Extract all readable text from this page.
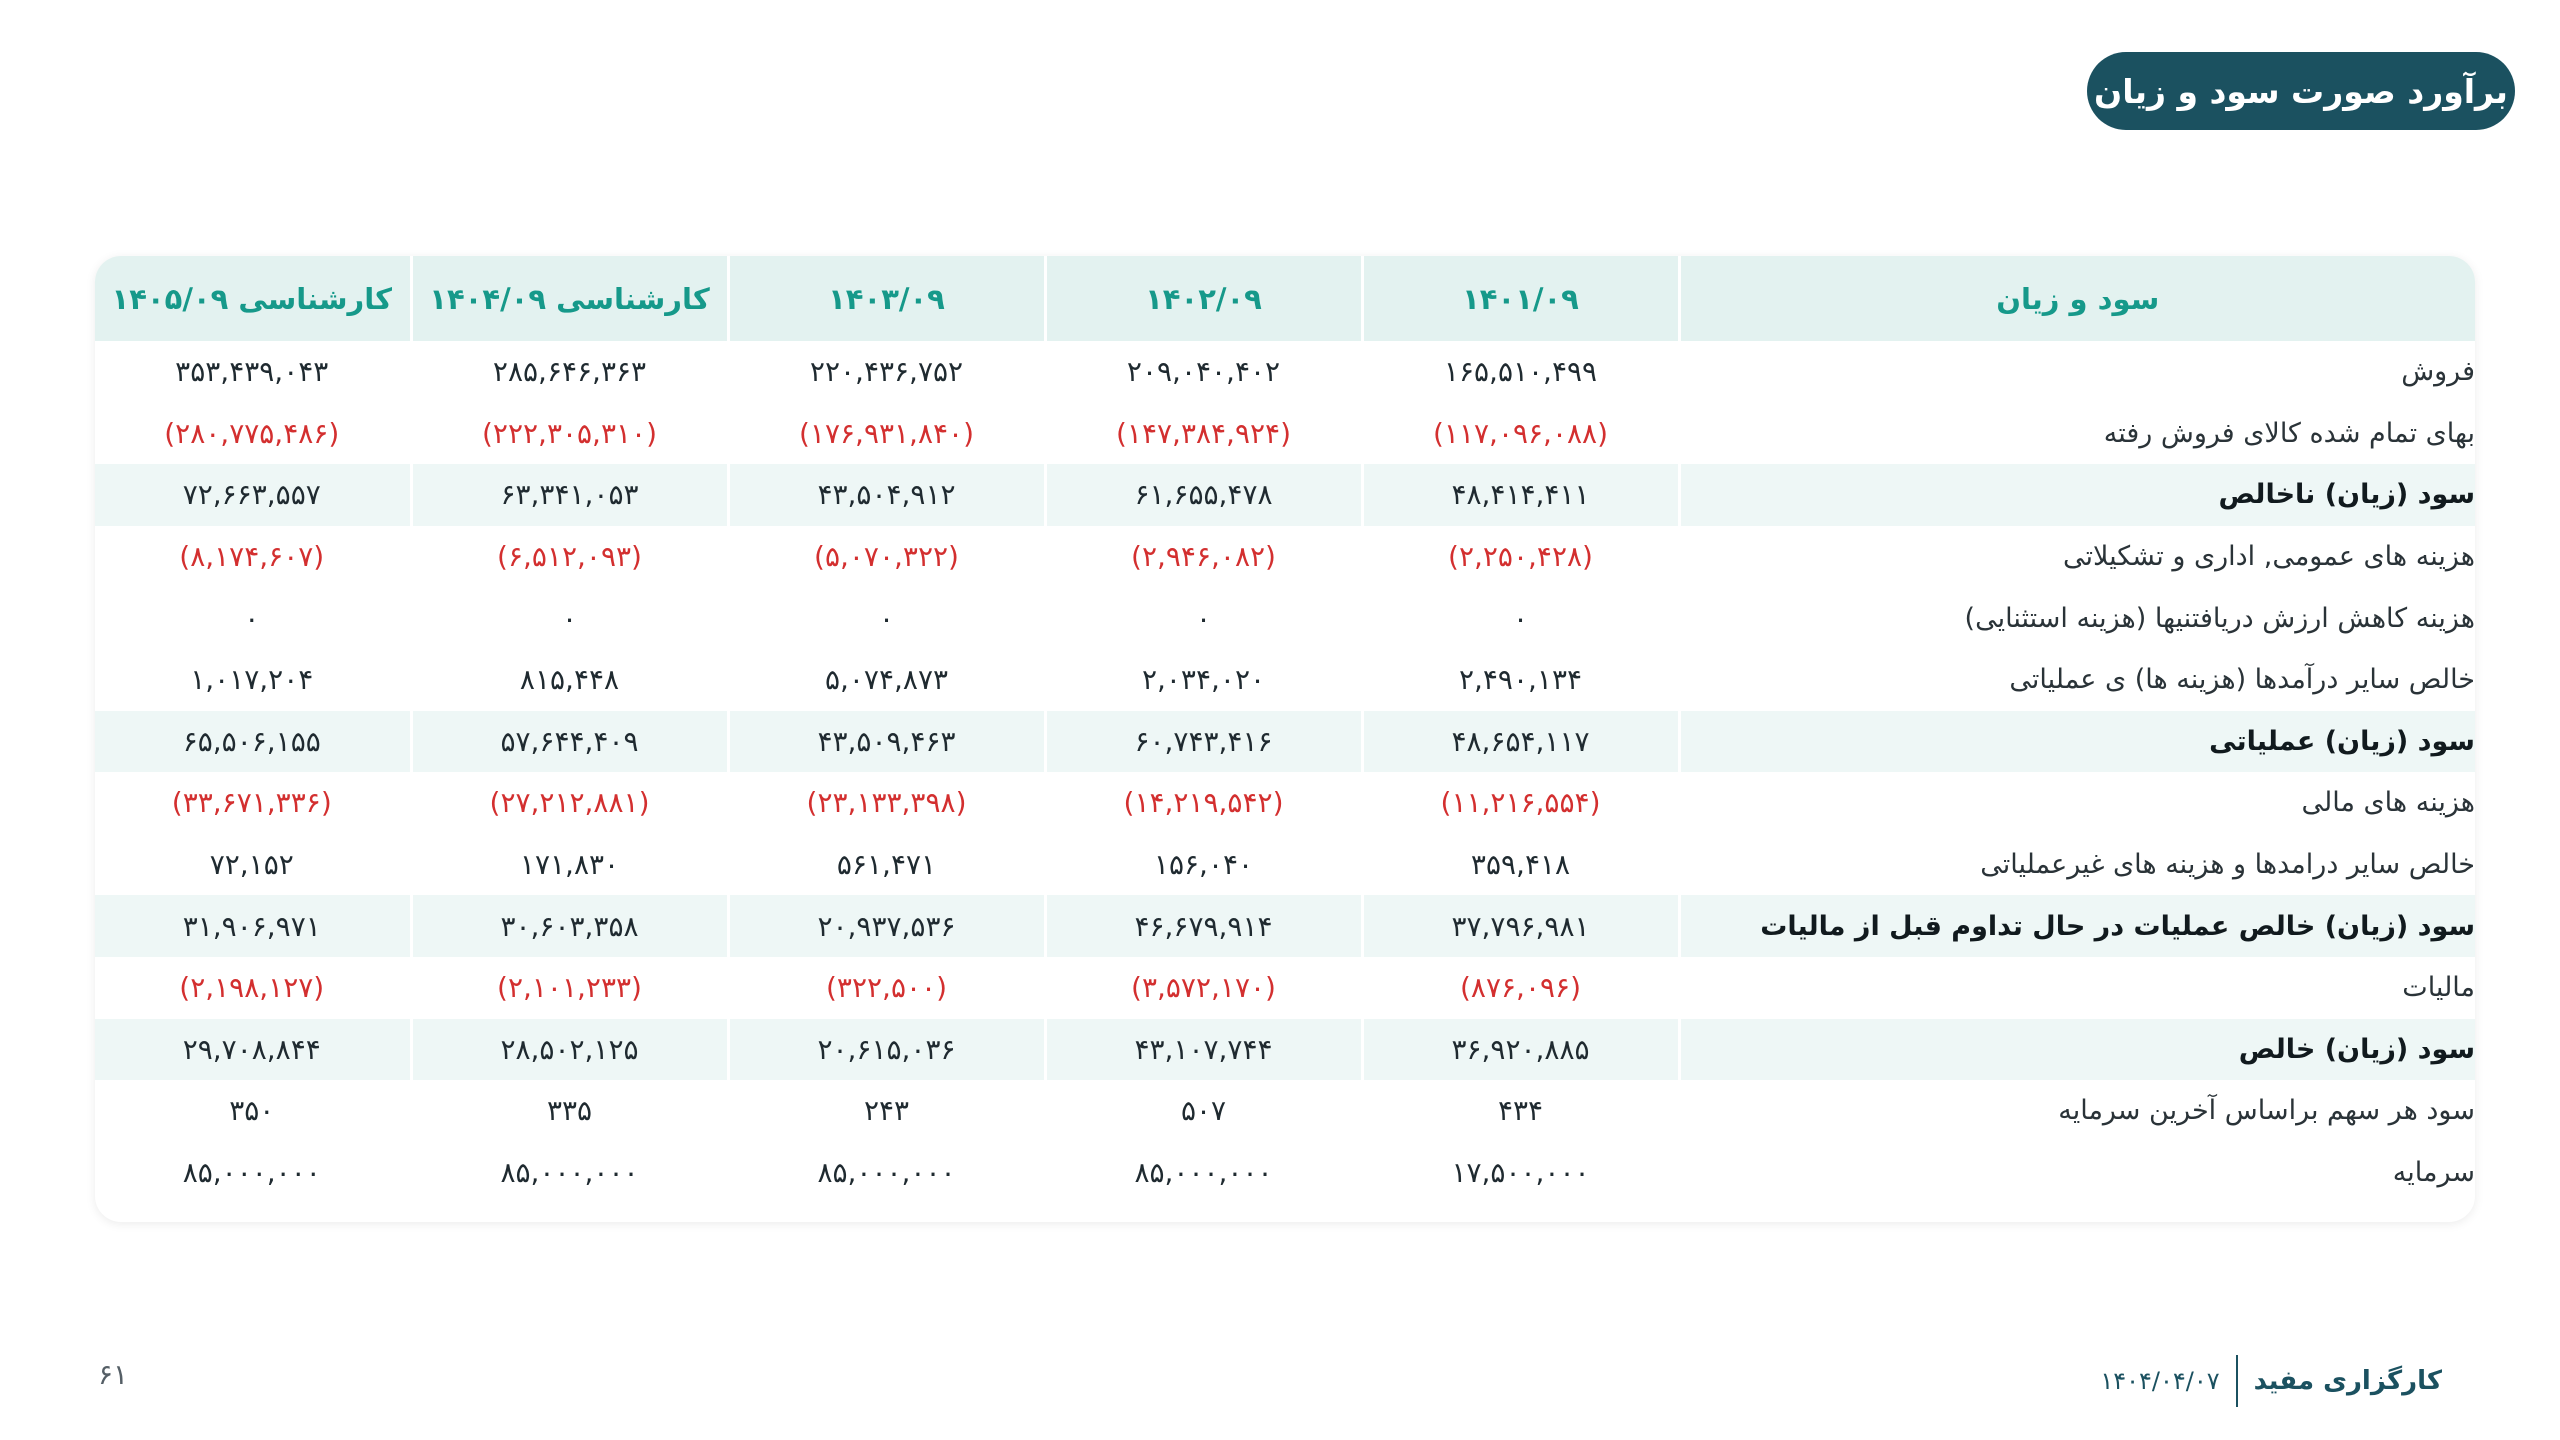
برآورد صورت سود و زیان
سود و زیان	۱۴۰۱/۰۹	۱۴۰۲/۰۹	۱۴۰۳/۰۹	کارشناسی ۱۴۰۴/۰۹	کارشناسی ۱۴۰۵/۰۹
فروش	۱۶۵,۵۱۰,۴۹۹	۲۰۹,۰۴۰,۴۰۲	۲۲۰,۴۳۶,۷۵۲	۲۸۵,۶۴۶,۳۶۳	۳۵۳,۴۳۹,۰۴۳
بهای تمام شده کالای فروش رفته	(۱۱۷,۰۹۶,۰۸۸)	(۱۴۷,۳۸۴,۹۲۴)	(۱۷۶,۹۳۱,۸۴۰)	(۲۲۲,۳۰۵,۳۱۰)	(۲۸۰,۷۷۵,۴۸۶)
سود (زیان) ناخالص	۴۸,۴۱۴,۴۱۱	۶۱,۶۵۵,۴۷۸	۴۳,۵۰۴,۹۱۲	۶۳,۳۴۱,۰۵۳	۷۲,۶۶۳,۵۵۷
هزینه های عمومی, اداری و تشکیلاتی	(۲,۲۵۰,۴۲۸)	(۲,۹۴۶,۰۸۲)	(۵,۰۷۰,۳۲۲)	(۶,۵۱۲,۰۹۳)	(۸,۱۷۴,۶۰۷)
هزینه کاهش ارزش دریافتنیها (هزینه استثنایی)	۰	۰	۰	۰	۰
خالص سایر درآمدها (هزینه ها) ی عملیاتی	۲,۴۹۰,۱۳۴	۲,۰۳۴,۰۲۰	۵,۰۷۴,۸۷۳	۸۱۵,۴۴۸	۱,۰۱۷,۲۰۴
سود (زیان) عملیاتی	۴۸,۶۵۴,۱۱۷	۶۰,۷۴۳,۴۱۶	۴۳,۵۰۹,۴۶۳	۵۷,۶۴۴,۴۰۹	۶۵,۵۰۶,۱۵۵
هزینه های مالی	(۱۱,۲۱۶,۵۵۴)	(۱۴,۲۱۹,۵۴۲)	(۲۳,۱۳۳,۳۹۸)	(۲۷,۲۱۲,۸۸۱)	(۳۳,۶۷۱,۳۳۶)
خالص سایر درامدها و هزینه های غیرعملیاتی	۳۵۹,۴۱۸	۱۵۶,۰۴۰	۵۶۱,۴۷۱	۱۷۱,۸۳۰	۷۲,۱۵۲
سود (زیان) خالص عملیات در حال تداوم قبل از مالیات	۳۷,۷۹۶,۹۸۱	۴۶,۶۷۹,۹۱۴	۲۰,۹۳۷,۵۳۶	۳۰,۶۰۳,۳۵۸	۳۱,۹۰۶,۹۷۱
مالیات	(۸۷۶,۰۹۶)	(۳,۵۷۲,۱۷۰)	(۳۲۲,۵۰۰)	(۲,۱۰۱,۲۳۳)	(۲,۱۹۸,۱۲۷)
سود (زیان) خالص	۳۶,۹۲۰,۸۸۵	۴۳,۱۰۷,۷۴۴	۲۰,۶۱۵,۰۳۶	۲۸,۵۰۲,۱۲۵	۲۹,۷۰۸,۸۴۴
سود هر سهم براساس آخرین سرمایه	۴۳۴	۵۰۷	۲۴۳	۳۳۵	۳۵۰
سرمایه	۱۷,۵۰۰,۰۰۰	۸۵,۰۰۰,۰۰۰	۸۵,۰۰۰,۰۰۰	۸۵,۰۰۰,۰۰۰	۸۵,۰۰۰,۰۰۰
۶۱	کارگزاری مفید
۱۴۰۴/۰۴/۰۷
